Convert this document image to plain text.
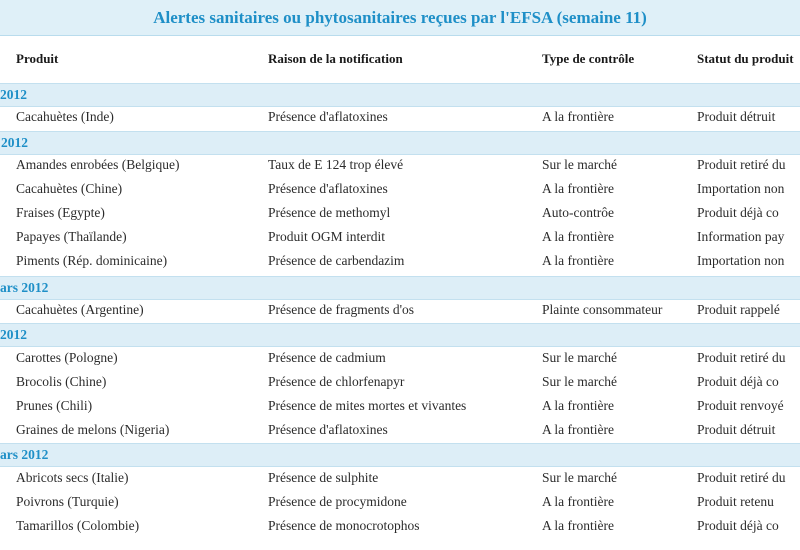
Alertes sanitaires ou phytosanitaires reçues par l'EFSA (semaine 11)
Produit	Raison de la notification	Type de contrôle	Statut du produit
2012
Cacahuètes (Inde)	Présence d'aflatoxines	A la frontière	Produit détruit
2012
Amandes enrobées (Belgique)	Taux de E 124 trop élevé	Sur le marché	Produit retiré du
Cacahuètes (Chine)	Présence d'aflatoxines	A la frontière	Importation non
Fraises (Egypte)	Présence de methomyl	Auto-contrôe	Produit déjà co
Papayes (Thaïlande)	Produit OGM interdit	A la frontière	Information pay
Piments (Rép. dominicaine)	Présence de carbendazim	A la frontière	Importation non
ars 2012
Cacahuètes (Argentine)	Présence de fragments d'os	Plainte consommateur	Produit rappelé
2012
Carottes (Pologne)	Présence de cadmium	Sur le marché	Produit retiré du
Brocolis (Chine)	Présence de chlorfenapyr	Sur le marché	Produit déjà co
Prunes (Chili)	Présence de mites mortes et vivantes	A la frontière	Produit renvoyé
Graines de melons (Nigeria)	Présence d'aflatoxines	A la frontière	Produit détruit
ars 2012
Abricots secs (Italie)	Présence de sulphite	Sur le marché	Produit retiré du
Poivrons (Turquie)	Présence de procymidone	A la frontière	Produit retenu
Tamarillos (Colombie)	Présence de monocrotophos	A la frontière	Produit déjà co
